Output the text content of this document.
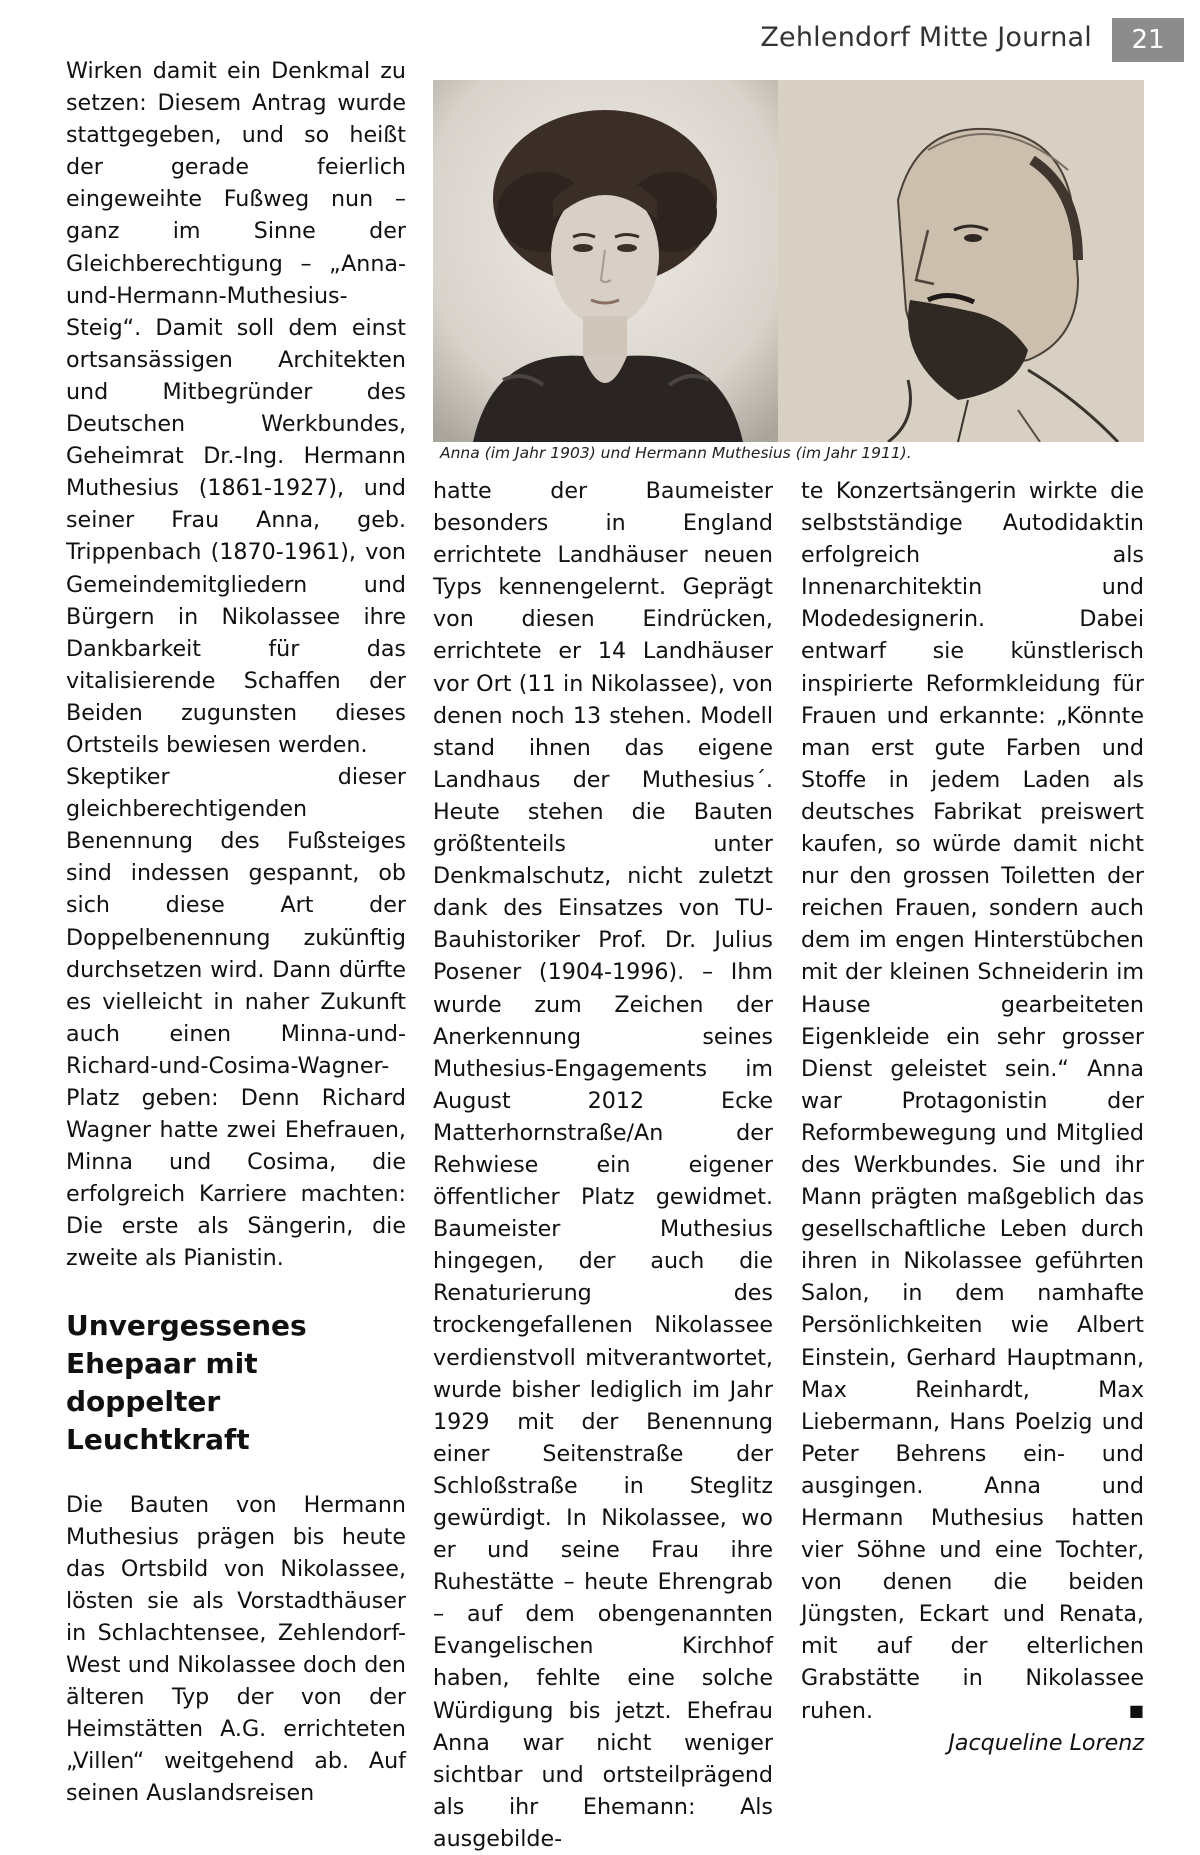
Zehlendorf Mitte Journal	21

Wirken damit ein Denkmal zu setzen: Diesem Antrag wurde stattgegeben, und so heißt der gerade feierlich eingeweihte Fußweg nun – ganz im Sinne der Gleichberechtigung – „Anna-und-Hermann-Muthesius-Steig“. Damit soll dem einst ortsansässigen Architekten und Mitbegründer des Deutschen Werkbundes, Geheimrat Dr.-Ing. Hermann Muthesius (1861-1927), und seiner Frau Anna, geb. Trippenbach (1870-1961), von Gemeindemitgliedern und Bürgern in Nikolassee ihre Dankbarkeit für das vitalisierende Schaffen der Beiden zugunsten dieses Ortsteils bewiesen werden.

Skeptiker dieser gleichberechtigenden Benennung des Fußsteiges sind indessen gespannt, ob sich diese Art der Doppelbenennung zukünftig durchsetzen wird. Dann dürfte es vielleicht in naher Zukunft auch einen Minna-und-Richard-und-Cosima-Wagner-Platz geben: Denn Richard Wagner hatte zwei Ehefrauen, Minna und Cosima, die erfolgreich Karriere machten: Die erste als Sängerin, die zweite als Pianistin.

Unvergessenes Ehepaar mit doppelter Leuchtkraft

Die Bauten von Hermann Muthesius prägen bis heute das Ortsbild von Nikolassee, lösten sie als Vorstadthäuser in Schlachtensee, Zehlendorf-West und Nikolassee doch den älteren Typ der von der Heimstätten A.G. errichteten „Villen“ weitgehend ab. Auf seinen Auslandsreisen

Anna (im Jahr 1903) und Hermann Muthesius (im Jahr 1911).

hatte der Baumeister besonders in England errichtete Landhäuser neuen Typs kennengelernt. Geprägt von diesen Eindrücken, errichtete er 14 Landhäuser vor Ort (11 in Nikolassee), von denen noch 13 stehen. Modell stand ihnen das eigene Landhaus der Muthesius´. Heute stehen die Bauten größtenteils unter Denkmalschutz, nicht zuletzt dank des Einsatzes von TU-Bauhistoriker Prof. Dr. Julius Posener (1904-1996). – Ihm wurde zum Zeichen der Anerkennung seines Muthesius-Engagements im August 2012 Ecke Matterhornstraße/An der Rehwiese ein eigener öffentlicher Platz gewidmet. Baumeister Muthesius hingegen, der auch die Renaturierung des trockengefallenen Nikolassee verdienstvoll mitverantwortet, wurde bisher lediglich im Jahr 1929 mit der Benennung einer Seitenstraße der Schloßstraße in Steglitz gewürdigt. In Nikolassee, wo er und seine Frau ihre Ruhestätte – heute Ehrengrab – auf dem obengenannten Evangelischen Kirchhof haben, fehlte eine solche Würdigung bis jetzt. Ehefrau Anna war nicht weniger sichtbar und ortsteilprägend als ihr Ehemann: Als ausgebilde-

te Konzertsängerin wirkte die selbstständige Autodidaktin erfolgreich als Innenarchitektin und Modedesignerin. Dabei entwarf sie künstlerisch inspirierte Reformkleidung für Frauen und erkannte: „Könnte man erst gute Farben und Stoffe in jedem Laden als deutsches Fabrikat preiswert kaufen, so würde damit nicht nur den grossen Toiletten der reichen Frauen, sondern auch dem im engen Hinterstübchen mit der kleinen Schneiderin im Hause gearbeiteten Eigenkleide ein sehr grosser Dienst geleistet sein.“ Anna war Protagonistin der Reformbewegung und Mitglied des Werkbundes. Sie und ihr Mann prägten maßgeblich das gesellschaftliche Leben durch ihren in Nikolassee geführten Salon, in dem namhafte Persönlichkeiten wie Albert Einstein, Gerhard Hauptmann, Max Reinhardt, Max Liebermann, Hans Poelzig und Peter Behrens ein- und ausgingen. Anna und Hermann Muthesius hatten vier Söhne und eine Tochter, von denen die beiden Jüngsten, Eckart und Renata, mit auf der elterlichen Grabstätte in Nikolassee ruhen.	■

Jacqueline Lorenz
